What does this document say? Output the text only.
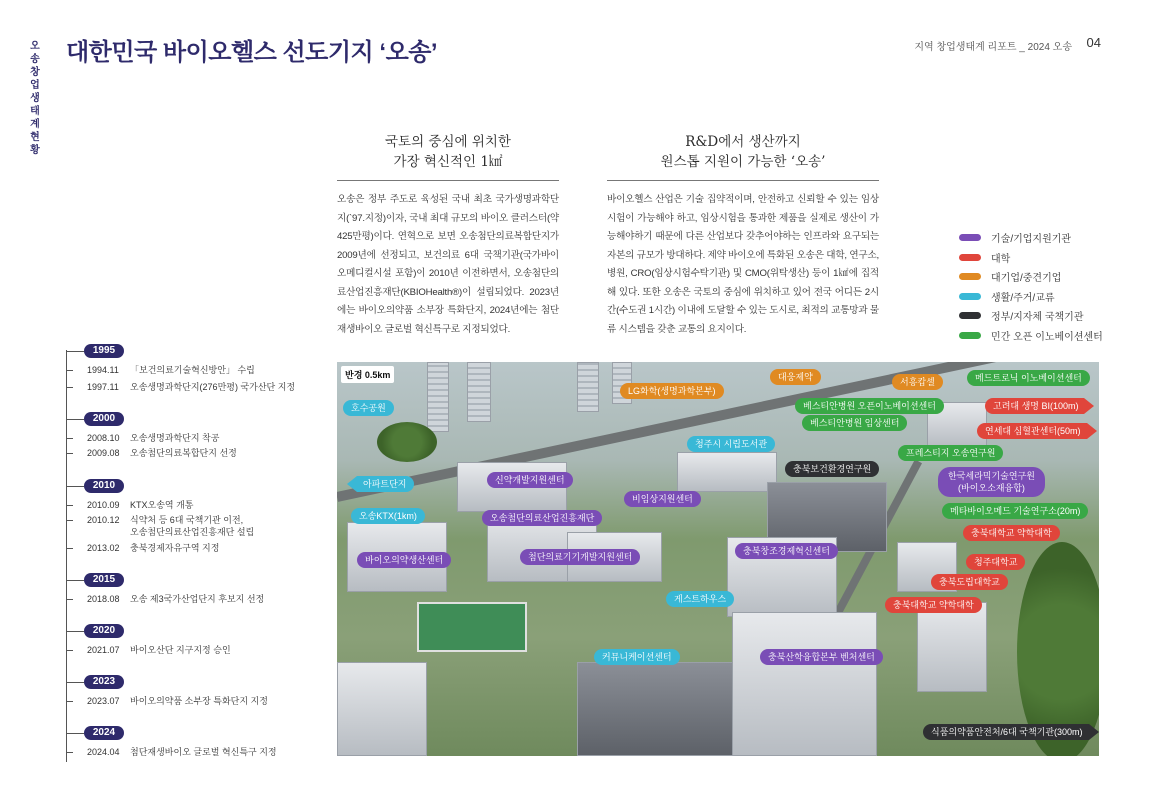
오송창업생태계현황
대한민국 바이오헬스 선도기지 ‘오송’	지역 창업생태계 리포트 _ 2024 오송 04
국토의 중심에 위치한
가장 혁신적인 1㎢
오송은 정부 주도로 육성된 국내 최초 국가생명과학단지(`97.지정)이자, 국내 최대 규모의 바이오 클러스터(약 425만평)이다. 연혁으로 보면 오송첨단의료복합단지가 2009년에 선정되고, 보건의료 6대 국책기관(국가바이오메디컬시설 포함)이 2010년 이전하면서, 오송첨단의료산업진흥재단(KBIOHealth®)이 설립되었다. 2023년에는 바이오의약품 소부장 특화단지, 2024년에는 첨단재생바이오 글로벌 혁신특구로 지정되었다.
R&D에서 생산까지
원스톱 지원이 가능한 ‘오송’
바이오헬스 산업은 기술 집약적이며, 안전하고 신뢰할 수 있는 임상시험이 가능해야 하고, 임상시험을 통과한 제품을 실제로 생산이 가능해야하기 때문에 다른 산업보다 갖추어야하는 인프라와 요구되는 자본의 규모가 방대하다. 제약 바이오에 특화된 오송은 대학, 연구소, 병원, CRO(임상시험수탁기관) 및 CMO(위탁생산) 등이 1㎢에 집적해 있다. 또한 오송은 국토의 중심에 위치하고 있어 전국 어디든 2시간(수도권 1시간) 이내에 도달할 수 있는 도시로, 최적의 교통망과 물류 시스템을 갖춘 교통의 요지이다.
기술/기업지원기관
대학
대기업/중견기업
생활/주거/교류
정부/지자체 국책기관
민간 오픈 이노베이션센터
1995
1994.11	「보건의료기술혁신방안」 수립
1997.11	오송생명과학단지(276만평) 국가산단 지정
2000
2008.10	오송생명과학단지 착공
2009.08	오송첨단의료복합단지 선정
2010
2010.09	KTX오송역 개통
2010.12	식약처 등 6대 국책기관 이전,
오송첨단의료산업진흥재단 설립
2013.02	충북경제자유구역 지정
2015
2018.08	오송 제3국가산업단지 후보지 선정
2020
2021.07	바이오산단 지구지정 승인
2023
2023.07	바이오의약품 소부장 특화단지 지정
2024
2024.04	첨단재생바이오 글로벌 혁신특구 지정
반경 0.5km
LG화학(생명과학본부)
대웅제약	서흥캅셀	메드트로닉 이노베이션센터
호수공원	베스티안병원 오픈이노베이션센터
베스티안병원 임상센터
고려대 생명 BI(100m)
연세대 심혈관센터(50m)
청주시 시립도서관
충북보건환경연구원
프레스티지 오송연구원
아파트단지	신약개발지원센터	한국세라믹기술연구원
(바이오소재융합)
비임상지원센터
오송KTX(1km)	오송첨단의료산업진흥재단
메타바이오메드 기술연구소(20m)
충북대학교 약학대학
바이오의약생산센터	첨단의료기기개발지원센터
충북창조경제혁신센터
청주대학교
충북도립대학교
게스트하우스
충북대학교 약학대학
커뮤니케이션센터	충북산학융합본부 벤처센터
식품의약품안전처/6대 국책기관(300m)
